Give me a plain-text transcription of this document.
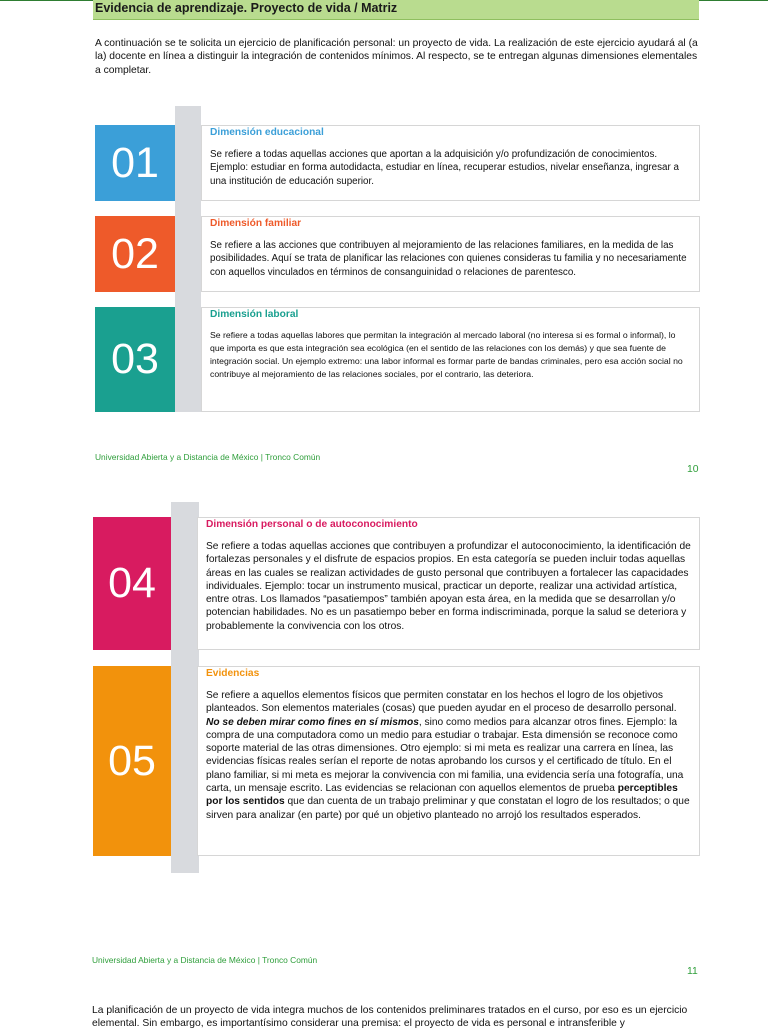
Evidencia de aprendizaje. Proyecto de vida / Matriz
A continuación se te solicita un ejercicio de planificación personal: un proyecto de vida. La realización de este ejercicio ayudará al (a la) docente en línea a distinguir la integración de contenidos mínimos. Al respecto, se te entregan algunas dimensiones elementales a completar.
01
Dimensión educacional
Se refiere a todas aquellas acciones que aportan a la adquisición y/o profundización de conocimientos. Ejemplo: estudiar en forma autodidacta, estudiar en línea, recuperar estudios, nivelar enseñanza, ingresar a una institución de educación superior.
02
Dimensión familiar
Se refiere a las acciones que contribuyen al mejoramiento de las relaciones familiares, en la medida de las posibilidades. Aquí se trata de planificar las relaciones con quienes consideras tu familia y no necesariamente con aquellos vinculados en términos de consanguinidad o relaciones de parentesco.
03
Dimensión laboral
Se refiere a todas aquellas labores que permitan la integración al mercado laboral (no interesa si es formal o informal), lo que importa es que esta integración sea ecológica (en el sentido de las relaciones con los demás) y que sea fuente de integración social. Un ejemplo extremo: una labor informal es formar parte de bandas criminales, pero esa acción social no contribuye al mejoramiento de las relaciones sociales, por el contrario, las deteriora.
Universidad Abierta y a Distancia de México | Tronco Común
10
04
Dimensión personal o de autoconocimiento
Se refiere a todas aquellas acciones que contribuyen a profundizar el autoconocimiento, la identificación de fortalezas personales y el disfrute de espacios propios. En esta categoría se pueden incluir todas aquellas áreas en las cuales se realizan actividades de gusto personal que contribuyen a fortalecer las capacidades individuales. Ejemplo: tocar un instrumento musical, practicar un deporte, realizar una actividad artística, entre otras. Los llamados “pasatiempos” también apoyan esta área, en la medida que se desarrollan y/o potencian habilidades. No es un pasatiempo beber en forma indiscriminada, porque la salud se deteriora y probablemente la convivencia con los otros.
05
Evidencias
Se refiere a aquellos elementos físicos que permiten constatar en los hechos el logro de los objetivos planteados. Son elementos materiales (cosas) que pueden ayudar en el proceso de desarrollo personal. No se deben mirar como fines en sí mismos, sino como medios para alcanzar otros fines. Ejemplo: la compra de una computadora como un medio para estudiar o trabajar. Esta dimensión se reconoce como soporte material de las otras dimensiones. Otro ejemplo: si mi meta es realizar una carrera en línea, las evidencias físicas reales serían el reporte de notas aprobando los cursos y el certificado de título. En el plano familiar, si mi meta es mejorar la convivencia con mi familia, una evidencia sería una fotografía, una carta, un mensaje escrito. Las evidencias se relacionan con aquellos elementos de prueba perceptibles por los sentidos que dan cuenta de un trabajo preliminar y que constatan el logro de los resultados; o que sirven para analizar (en parte) por qué un objetivo planteado no arrojó los resultados esperados.
Universidad Abierta y a Distancia de México | Tronco Común
11
La planificación de un proyecto de vida integra muchos de los contenidos preliminares tratados en el curso, por eso es un ejercicio elemental. Sin embargo, es importantísimo considerar una premisa: el proyecto de vida es personal e intransferible y
